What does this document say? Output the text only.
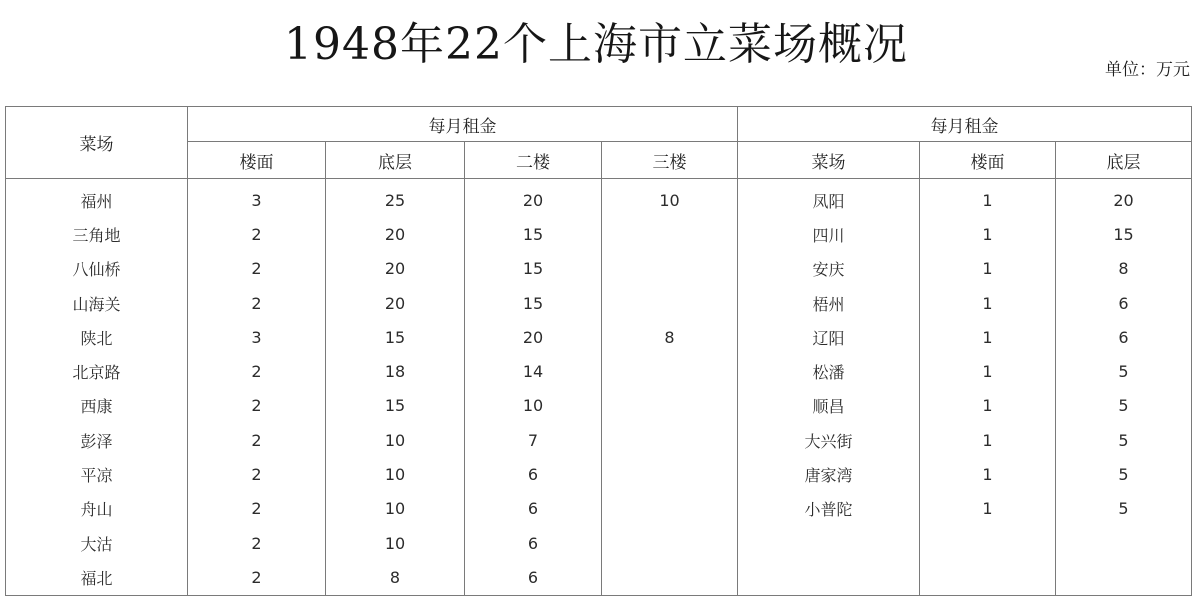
1948年22个上海市立菜场概况	单位：万元
菜场	每月租金				每月租金		
	楼面	底层	二楼	三楼	菜场	楼面	底层
福州	3	25	20	10	凤阳	1	20
三角地	2	20	15		四川	1	15
八仙桥	2	20	15		安庆	1	8
山海关	2	20	15		梧州	1	6
陕北	3	15	20	8	辽阳	1	6
北京路	2	18	14		松潘	1	5
西康	2	15	10		顺昌	1	5
彭泽	2	10	7		大兴街	1	5
平凉	2	10	6		唐家湾	1	5
舟山	2	10	6		小普陀	1	5
大沽	2	10	6				
福北	2	8	6				
